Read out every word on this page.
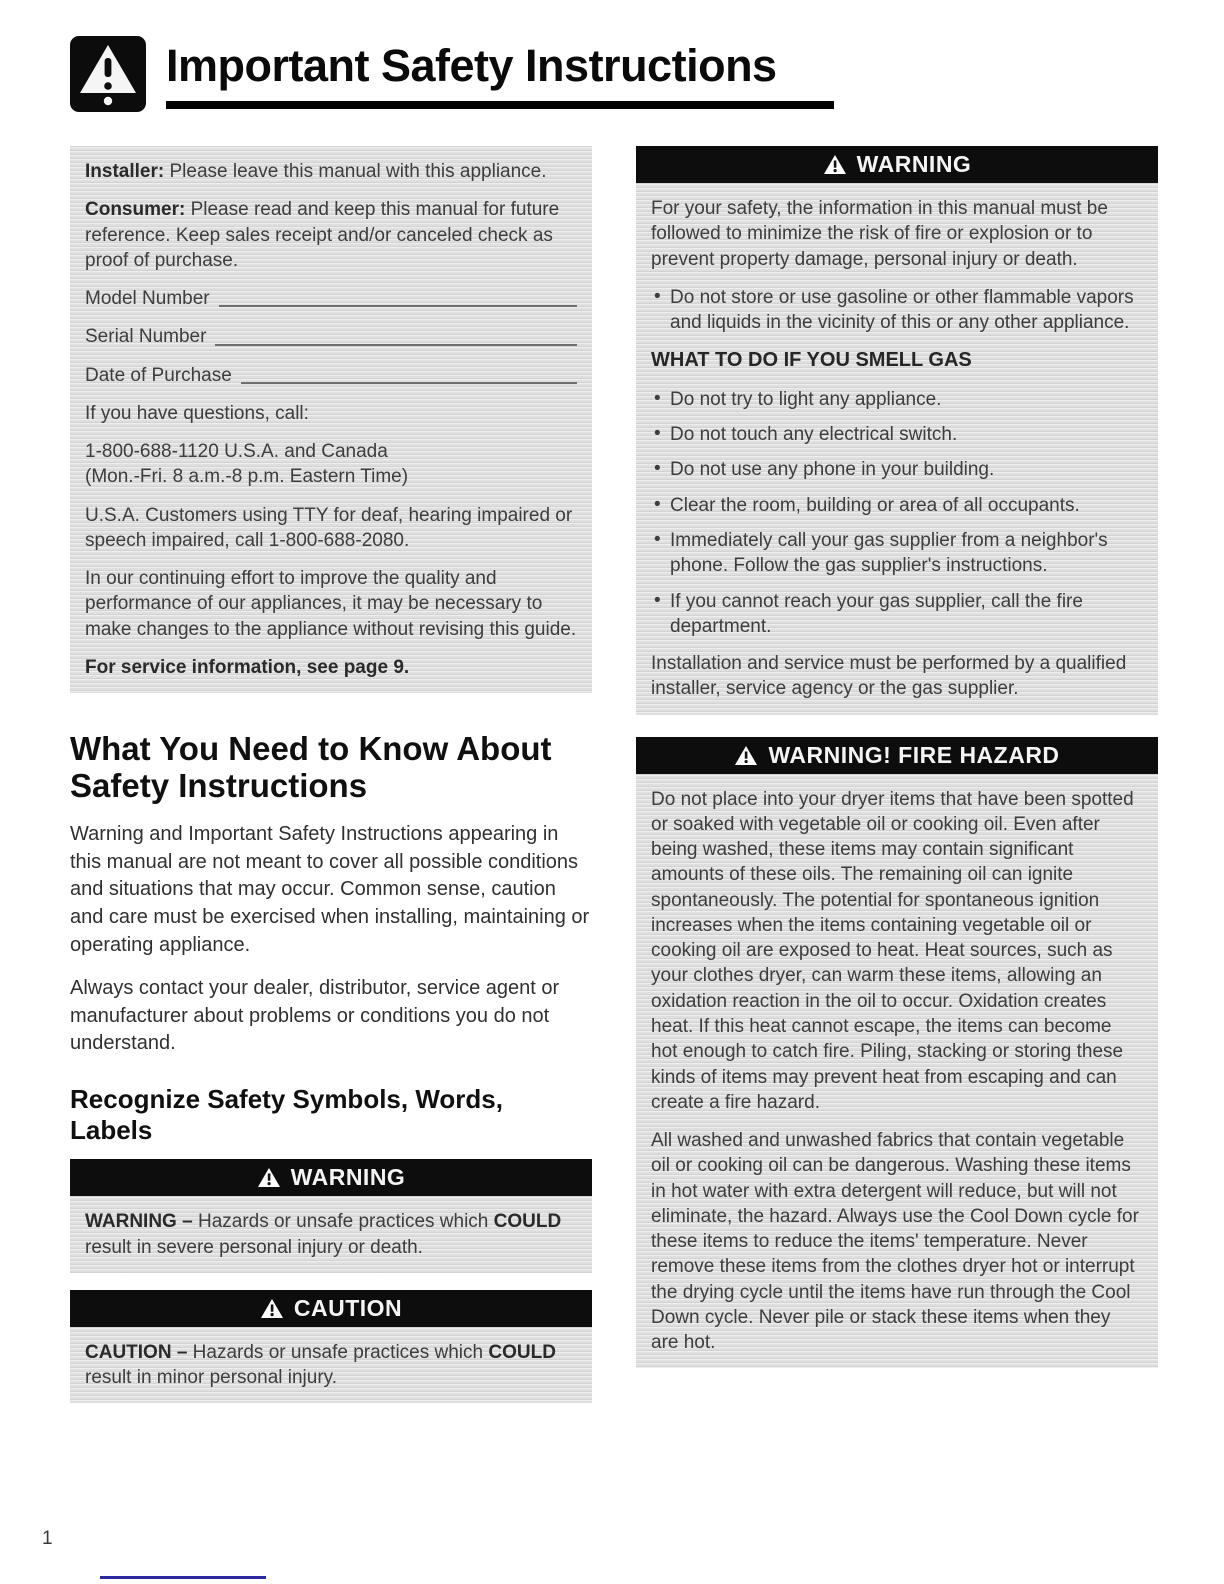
Important Safety Instructions

Installer: Please leave this manual with this appliance.

Consumer: Please read and keep this manual for future reference. Keep sales receipt and/or canceled check as proof of purchase.

Model Number

Serial Number

Date of Purchase

If you have questions, call:

1-800-688-1120 U.S.A. and Canada
(Mon.-Fri. 8 a.m.-8 p.m. Eastern Time)

U.S.A. Customers using TTY for deaf, hearing impaired or speech impaired, call 1-800-688-2080.

In our continuing effort to improve the quality and performance of our appliances, it may be necessary to make changes to the appliance without revising this guide.

For service information, see page 9.

What You Need to Know About Safety Instructions

Warning and Important Safety Instructions appearing in this manual are not meant to cover all possible conditions and situations that may occur. Common sense, caution and care must be exercised when installing, maintaining or operating appliance.

Always contact your dealer, distributor, service agent or manufacturer about problems or conditions you do not understand.

Recognize Safety Symbols, Words, Labels
WARNING

WARNING – Hazards or unsafe practices which COULD result in severe personal injury or death.

CAUTION

CAUTION – Hazards or unsafe practices which COULD result in minor personal injury.

WARNING

For your safety, the information in this manual must be followed to minimize the risk of fire or explosion or to prevent property damage, personal injury or death.

• Do not store or use gasoline or other flammable vapors and liquids in the vicinity of this or any other appliance.

WHAT TO DO IF YOU SMELL GAS

• Do not try to light any appliance.
• Do not touch any electrical switch.
• Do not use any phone in your building.
• Clear the room, building or area of all occupants.
• Immediately call your gas supplier from a neighbor's phone. Follow the gas supplier's instructions.
• If you cannot reach your gas supplier, call the fire department.

Installation and service must be performed by a qualified installer, service agency or the gas supplier.

WARNING! FIRE HAZARD

Do not place into your dryer items that have been spotted or soaked with vegetable oil or cooking oil. Even after being washed, these items may contain significant amounts of these oils. The remaining oil can ignite spontaneously. The potential for spontaneous ignition increases when the items containing vegetable oil or cooking oil are exposed to heat. Heat sources, such as your clothes dryer, can warm these items, allowing an oxidation reaction in the oil to occur. Oxidation creates heat. If this heat cannot escape, the items can become hot enough to catch fire. Piling, stacking or storing these kinds of items may prevent heat from escaping and can create a fire hazard.

All washed and unwashed fabrics that contain vegetable oil or cooking oil can be dangerous. Washing these items in hot water with extra detergent will reduce, but will not eliminate, the hazard. Always use the Cool Down cycle for these items to reduce the items' temperature. Never remove these items from the clothes dryer hot or interrupt the drying cycle until the items have run through the Cool Down cycle. Never pile or stack these items when they are hot.

1
